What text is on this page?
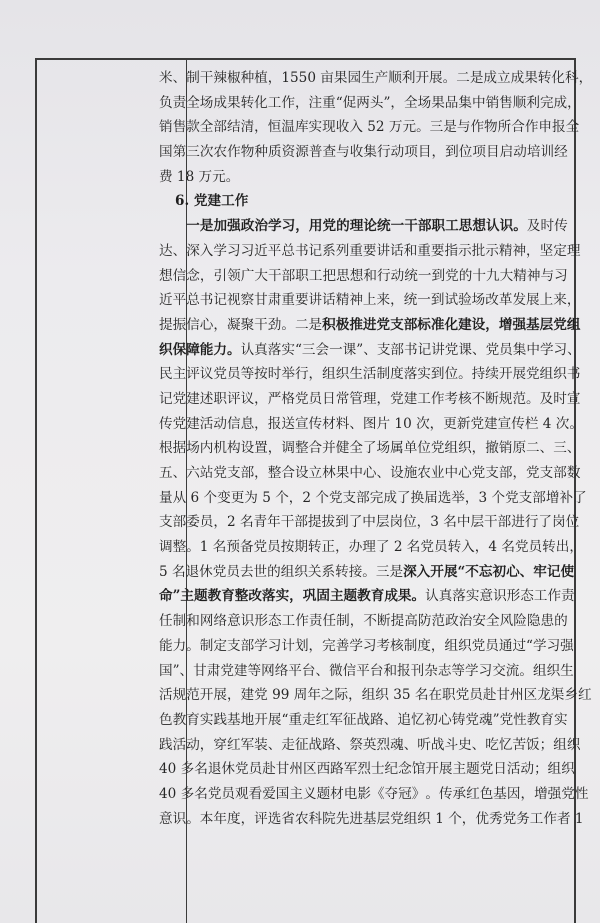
米 、 制 干 辣 椒 种 植 ， 1 5 5 0
亩 果 园 生 产 顺 利 开 展 。 二 是 成 立 成 果 转 化 科 ，
负 责 全 场 成 果 转 化 工 作 ， 注 重 “ 促 两 头 ” ， 全 场 果 品 集 中 销 售 顺 利 完 成 ，
销 售 款 全 部 结 清 ， 恒 温 库 实 现 收 入
5 2
万 元 。 三 是 与 作 物 所 合 作 申 报 全
国 第 三 次 农 作 物 种 质 资 源 普 查 与 收 集 行 动 项 目 ， 到 位 项 目 启 动 培 训 经
费 18 万元。
6. 党建工作

一 是 加 强 政 治 学 习 ， 用 党 的 理 论 统 一 干 部 职 工 思 想 认 识 。 及 时 传
达 、 深 入 学 习 习 近 平 总 书 记 系 列 重 要 讲 话 和 重 要 指 示 批 示 精 神 ， 坚 定 理
想 信 念 ， 引 领 广 大 干 部 职 工 把 思 想 和 行 动 统 一 到 党 的 十 九 大 精 神 与 习
近 平 总 书 记 视 察 甘 肃 重 要 讲 话 精 神 上 来 ， 统 一 到 试 验 场 改 革 发 展 上 来 ，
提 振 信 心 ， 凝 聚 干 劲 。 二 是 积 极 推 进 党 支 部 标 准 化 建 设 ， 增 强 基 层 党 组
织 保 障 能 力 。 认 真 落 实 “ 三 会 一 课 ” 、 支 部 书 记 讲 党 课 、 党 员 集 中 学 习 、
民 主 评 议 党 员 等 按 时 举 行 ， 组 织 生 活 制 度 落 实 到 位 。 持 续 开 展 党 组 织 书
记 党 建 述 职 评 议 ， 严 格 党 员 日 常 管 理 ， 党 建 工 作 考 核 不 断 规 范 。 及 时 宣
传 党 建 活 动 信 息 ， 报 送 宣 传 材 料 、 图 片
1 0
次 ， 更 新 党 建 宣 传 栏
4
次 。
根 据 场 内 机 构 设 置 ， 调 整 合 并 健 全 了 场 属 单 位 党 组 织 ， 撤 销 原 二 、 三 、
五 、 六 站 党 支 部 ， 整 合 设 立 林 果 中 心 、 设 施 农 业 中 心 党 支 部 ， 党 支 部 数
量 从
6
个 变 更 为
5
个 ， 2
个 党 支 部 完 成 了 换 届 选 举 ， 3
个 党 支 部 增 补 了
支 部 委 员 ， 2
名 青 年 干 部 提 拔 到 了 中 层 岗 位 ， 3
名 中 层 干 部 进 行 了 岗 位
调 整 。 1
名 预 备 党 员 按 期 转 正 ， 办 理 了
2
名 党 员 转 入 ， 4
名 党 员 转 出 ，
5
名 退 休 党 员 去 世 的 组 织 关 系 转 接 。 三 是 深 入 开 展 “ 不 忘 初 心 、 牢 记 使
命 ” 主 题 教 育 整 改 落 实 ， 巩 固 主 题 教 育 成 果 。 认 真 落 实 意 识 形 态 工 作 责
任 制 和 网 络 意 识 形 态 工 作 责 任 制 ， 不 断 提 高 防 范 政 治 安 全 风 险 隐 患 的
能 力 。 制 定 支 部 学 习 计 划 ， 完 善 学 习 考 核 制 度 ， 组 织 党 员 通 过 “ 学 习 强
国 ” 、 甘 肃 党 建 等 网 络 平 台 、 微 信 平 台 和 报 刊 杂 志 等 学 习 交 流 。 组 织 生
活 规 范 开 展 ， 建 党
9 9
周 年 之 际 ， 组 织
3 5
名 在 职 党 员 赴 甘 州 区 龙 渠 乡 红
色 教 育 实 践 基 地 开 展 “ 重 走 红 军 征 战 路 、 追 忆 初 心 铸 党 魂 ” 党 性 教 育 实
践 活 动 ， 穿 红 军 装 、 走 征 战 路 、 祭 英 烈 魂 、 听 战 斗 史 、 吃 忆 苦 饭 ； 组 织
4 0
多 名 退 休 党 员 赴 甘 州 区 西 路 军 烈 士 纪 念 馆 开 展 主 题 党 日 活 动 ； 组 织
4 0
多 名 党 员 观 看 爱 国 主 义 题 材 电 影 《 夺 冠 》 。 传 承 红 色 基 因 ， 增 强 党 性
意 识 。 本 年 度 ， 评 选 省 农 科 院 先 进 基 层 党 组 织
1
个 ， 优 秀 党 务 工 作 者
1
